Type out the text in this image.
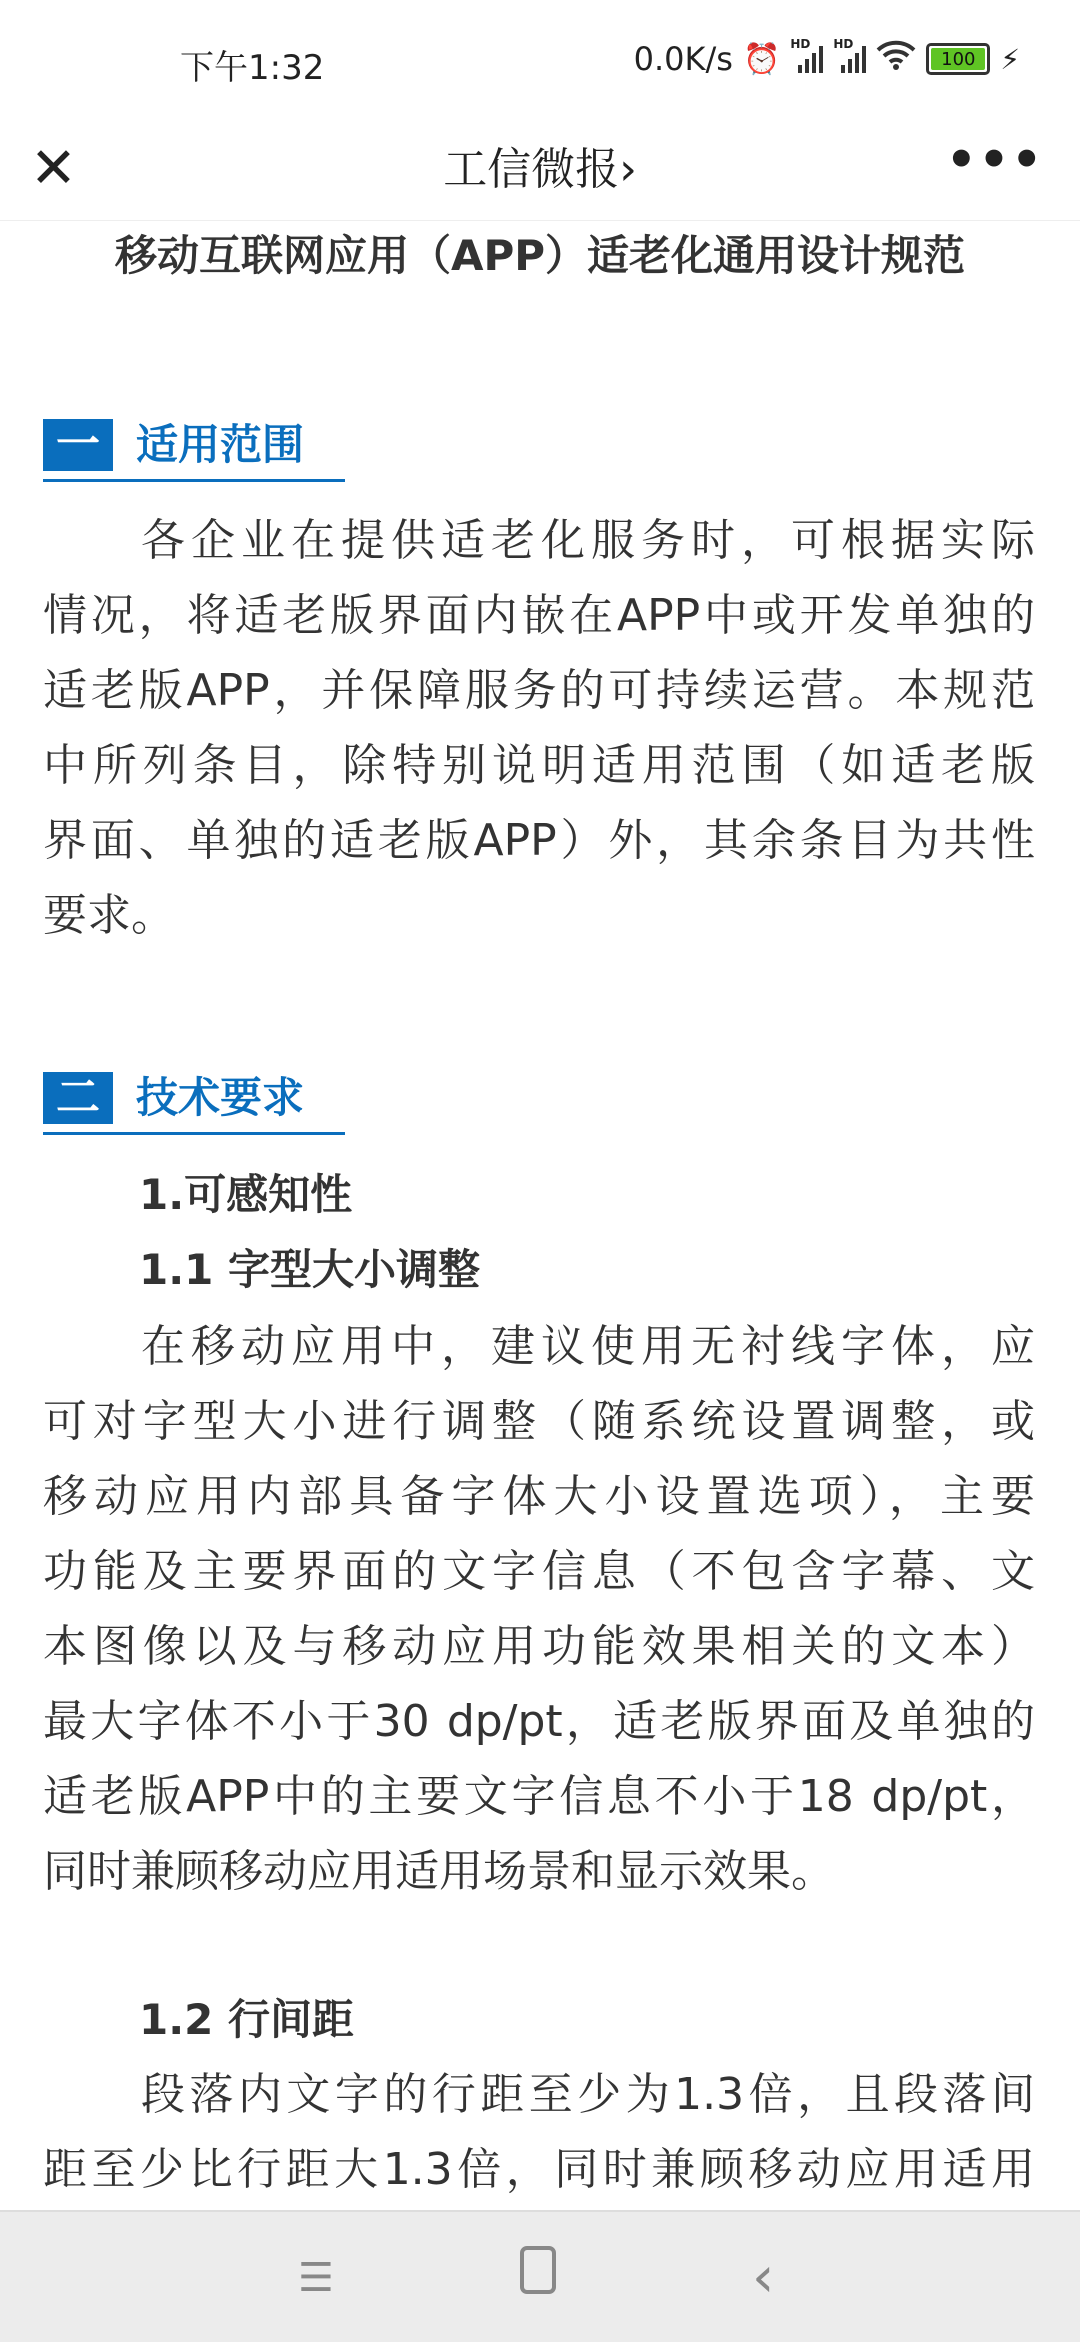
下午1:32	0.0K/s ⏰ HD HD
100 ⚡
✕	工信微报›	•••
移动互联网应用（APP）适老化通用设计规范
一 适用范围
各企业在提供适老化服务时，可根据实际
情况，将适老版界面内嵌在APP中或开发单独的
适老版APP，并保障服务的可持续运营。本规范
中所列条目，除特别说明适用范围（如适老版
界面、单独的适老版APP）外，其余条目为共性
要求。
二 技术要求
1.可感知性
1.1 字型大小调整
在移动应用中，建议使用无衬线字体，应
可对字型大小进行调整（随系统设置调整，或
移动应用内部具备字体大小设置选项），主要
功能及主要界面的文字信息（不包含字幕、文
本图像以及与移动应用功能效果相关的文本）
最大字体不小于30 dp/pt，适老版界面及单独的
适老版APP中的主要文字信息不小于18 dp/pt，
同时兼顾移动应用适用场景和显示效果。
1.2 行间距
段落内文字的行距至少为1.3倍，且段落间
距至少比行距大1.3倍，同时兼顾移动应用适用
☰	‹
